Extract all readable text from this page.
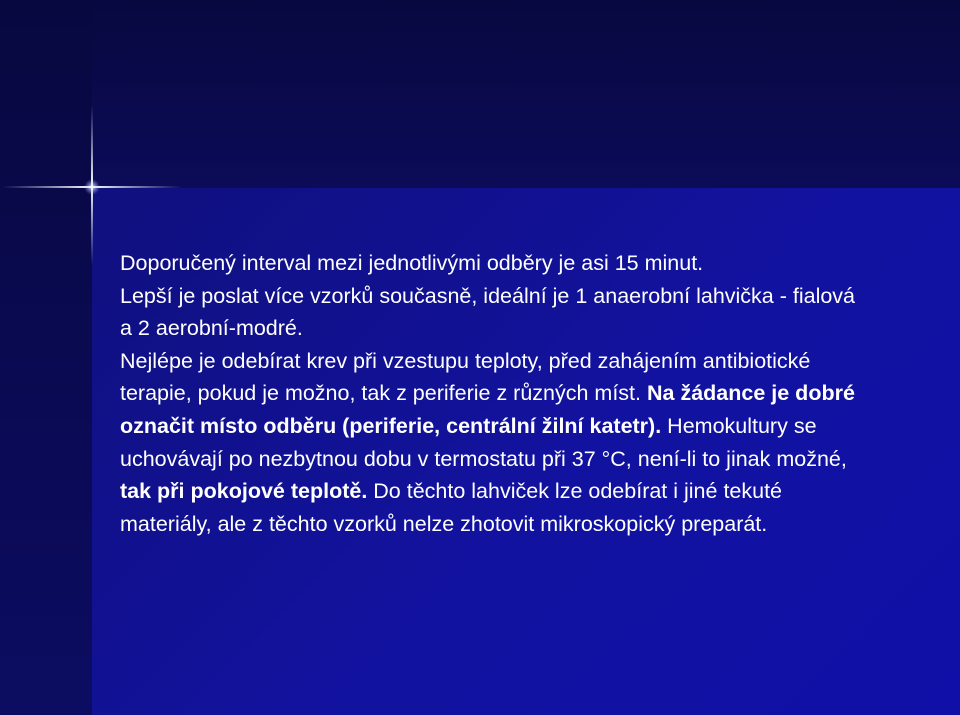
Doporučený interval mezi jednotlivými odběry je asi 15 minut.

Lepší je poslat více vzorků současně, ideální je 1 anaerobní lahvička - fialová a 2 aerobní-modré.

Nejlépe je odebírat krev při vzestupu teploty, před zahájením antibiotické terapie, pokud je možno, tak z periferie z různých míst. Na žádance je dobré označit místo odběru (periferie, centrální žilní katetr). Hemokultury se uchovávají po nezbytnou dobu v termostatu při 37 °C, není-li to jinak možné, tak při pokojové teplotě. Do těchto lahviček lze odebírat i jiné tekuté materiály, ale z těchto vzorků nelze zhotovit mikroskopický preparát.
